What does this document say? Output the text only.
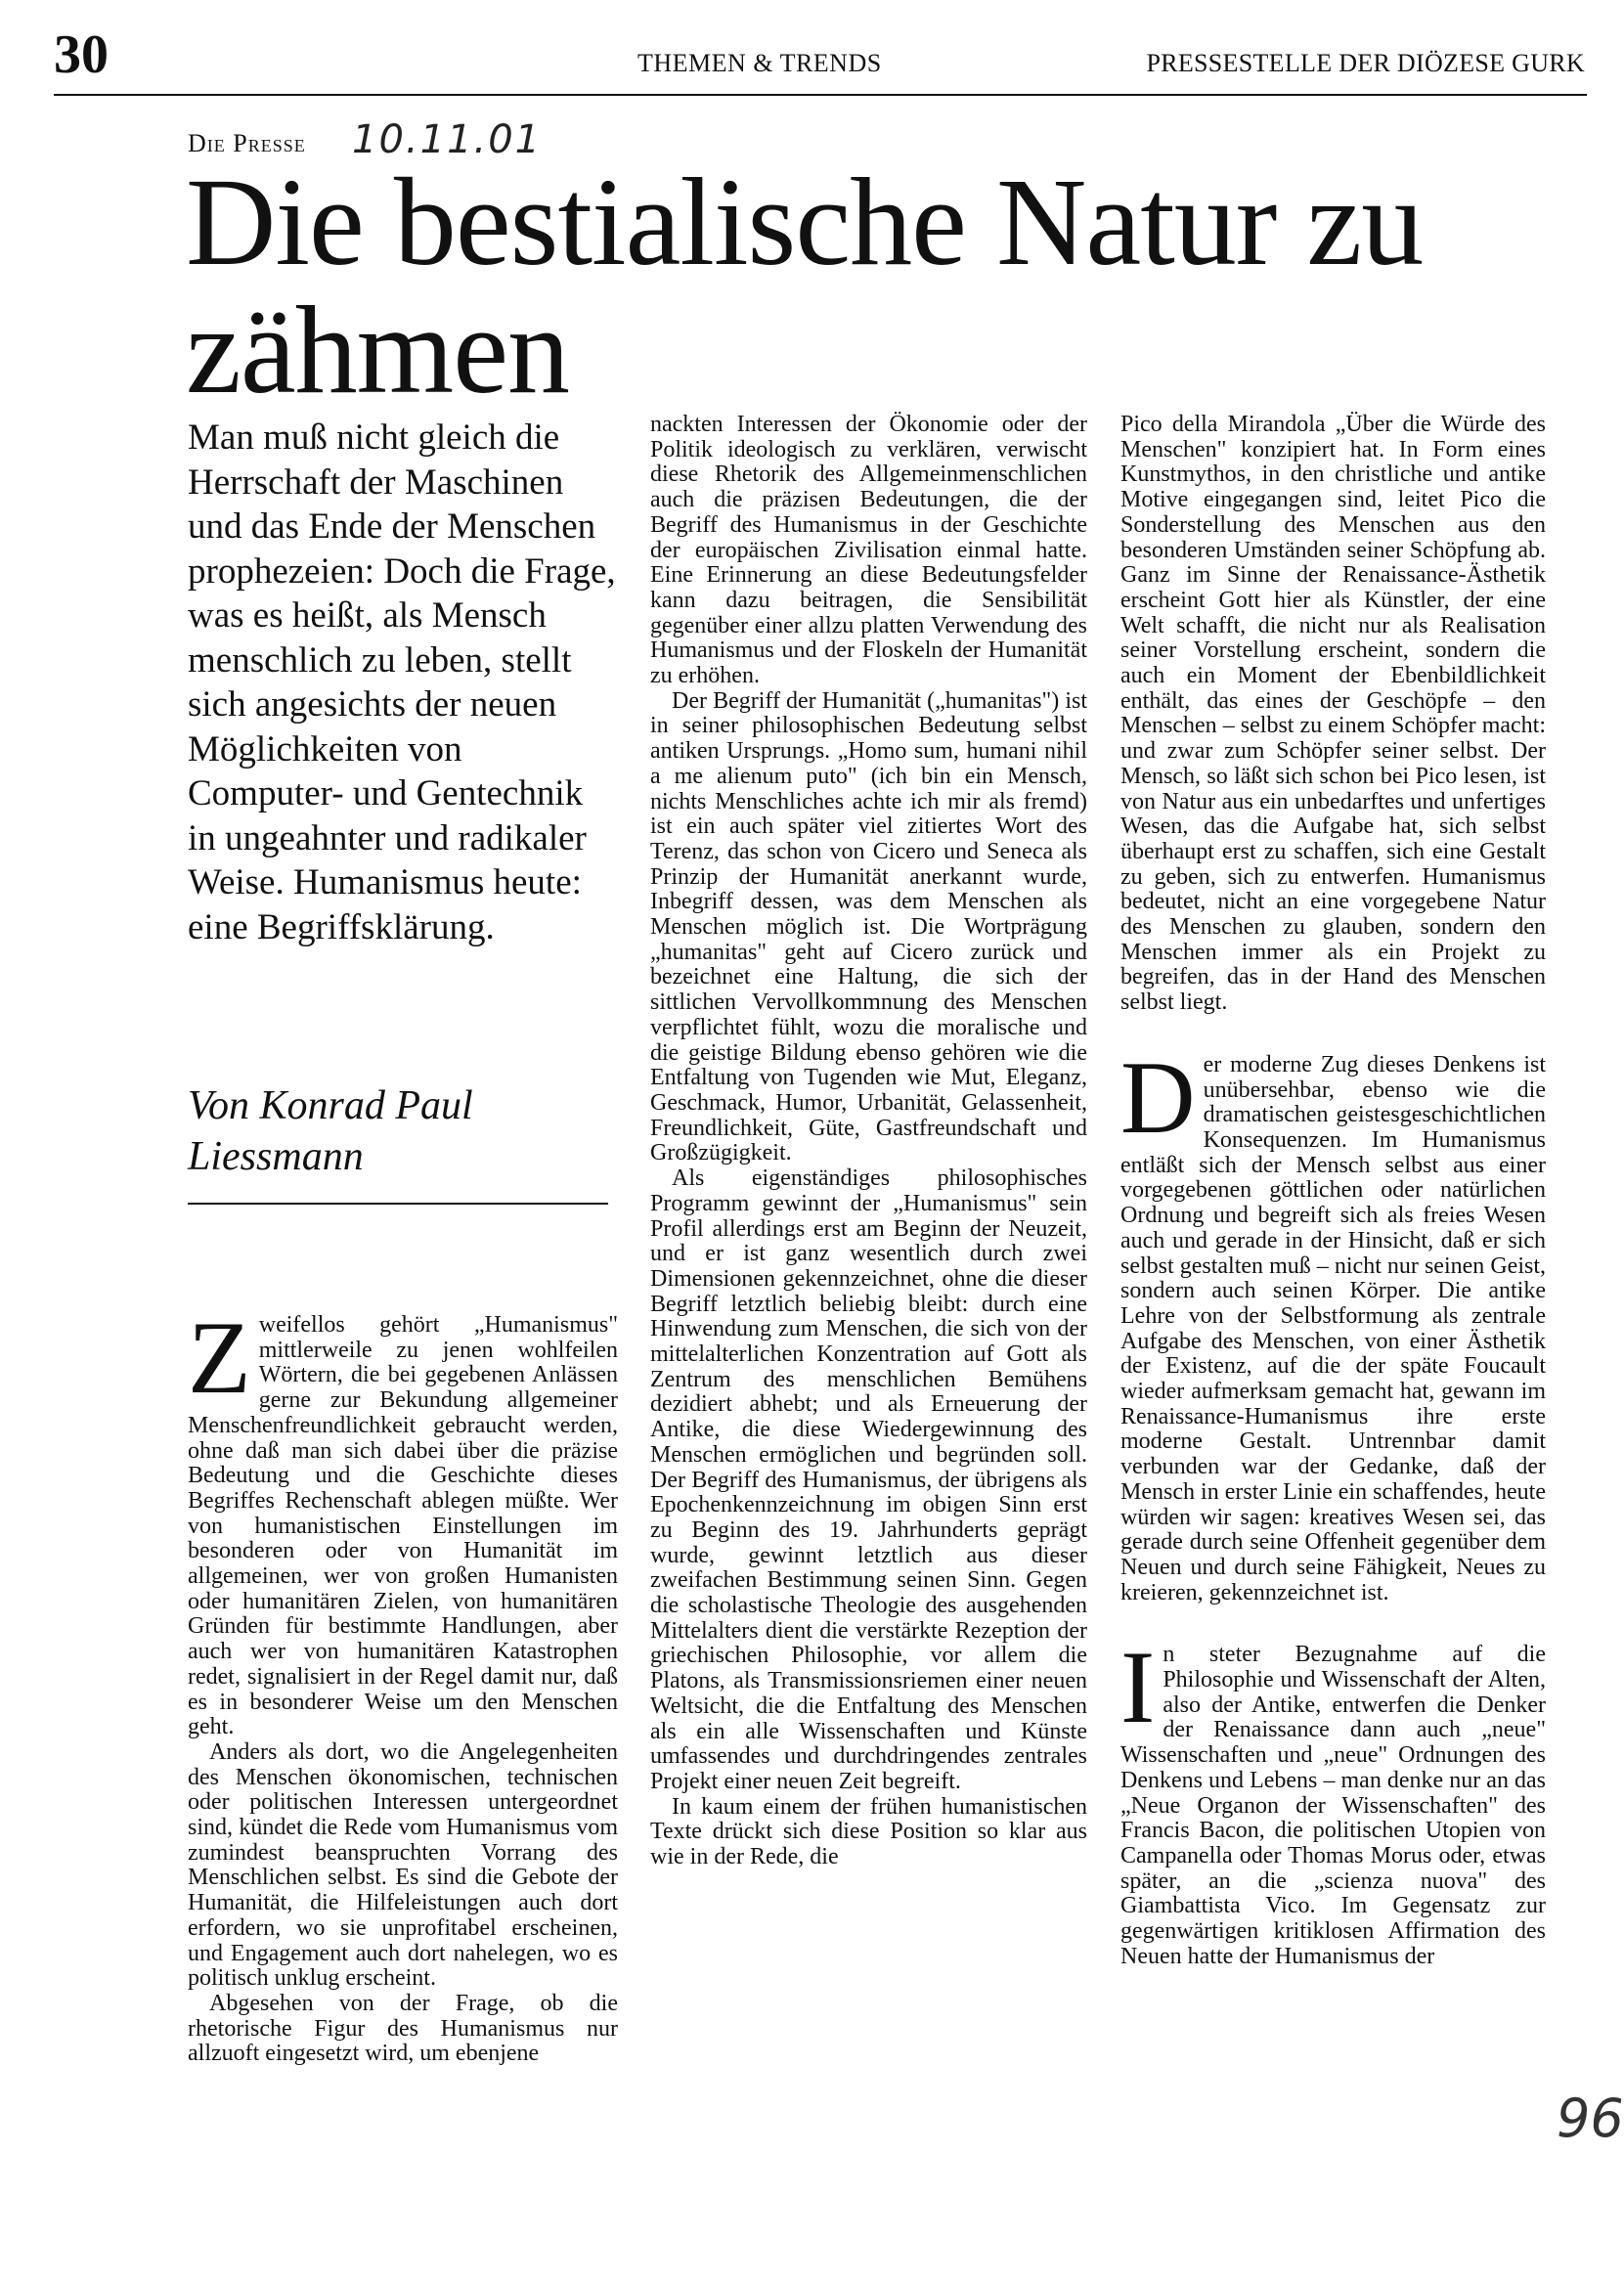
30	THEMEN & TRENDS	PRESSESTELLE DER DIÖZESE GURK
Die Presse 10.11.01
Die bestialische Natur zu zähmen
Man muß nicht gleich die Herrschaft der Maschinen und das Ende der Menschen prophezeien: Doch die Frage, was es heißt, als Mensch menschlich zu leben, stellt sich angesichts der neuen Möglichkeiten von Computer- und Gentechnik in ungeahnter und radikaler Weise. Humanismus heute: eine Begriffsklärung.
Von Konrad Paul Liessmann

Zweifellos gehört „Humanismus" mittlerweile zu jenen wohlfeilen Wörtern, die bei gegebenen Anlässen gerne zur Bekundung allgemeiner Menschenfreundlichkeit gebraucht werden, ohne daß man sich dabei über die präzise Bedeutung und die Geschichte dieses Begriffes Rechenschaft ablegen müßte. Wer von humanistischen Einstellungen im besonderen oder von Humanität im allgemeinen, wer von großen Humanisten oder humanitären Zielen, von humanitären Gründen für bestimmte Handlungen, aber auch wer von humanitären Katastrophen redet, signalisiert in der Regel damit nur, daß es in besonderer Weise um den Menschen geht.

Anders als dort, wo die Angelegenheiten des Menschen ökonomischen, technischen oder politischen Interessen untergeordnet sind, kündet die Rede vom Humanismus vom zumindest beanspruchten Vorrang des Menschlichen selbst. Es sind die Gebote der Humanität, die Hilfeleistungen auch dort erfordern, wo sie unprofitabel erscheinen, und Engagement auch dort nahelegen, wo es politisch unklug erscheint.

Abgesehen von der Frage, ob die rhetorische Figur des Humanismus nur allzuoft eingesetzt wird, um ebenjene

nackten Interessen der Ökonomie oder der Politik ideologisch zu verklären, verwischt diese Rhetorik des Allgemeinmenschlichen auch die präzisen Bedeutungen, die der Begriff des Humanismus in der Geschichte der europäischen Zivilisation einmal hatte. Eine Erinnerung an diese Bedeutungsfelder kann dazu beitragen, die Sensibilität gegenüber einer allzu platten Verwendung des Humanismus und der Floskeln der Humanität zu erhöhen.

Der Begriff der Humanität („humanitas") ist in seiner philosophischen Bedeutung selbst antiken Ursprungs. „Homo sum, humani nihil a me alienum puto" (ich bin ein Mensch, nichts Menschliches achte ich mir als fremd) ist ein auch später viel zitiertes Wort des Terenz, das schon von Cicero und Seneca als Prinzip der Humanität anerkannt wurde, Inbegriff dessen, was dem Menschen als Menschen möglich ist. Die Wortprägung „humanitas" geht auf Cicero zurück und bezeichnet eine Haltung, die sich der sittlichen Vervollkommnung des Menschen verpflichtet fühlt, wozu die moralische und die geistige Bildung ebenso gehören wie die Entfaltung von Tugenden wie Mut, Eleganz, Geschmack, Humor, Urbanität, Gelassenheit, Freundlichkeit, Güte, Gastfreundschaft und Großzügigkeit.

Als eigenständiges philosophisches Programm gewinnt der „Humanismus" sein Profil allerdings erst am Beginn der Neuzeit, und er ist ganz wesentlich durch zwei Dimensionen gekennzeichnet, ohne die dieser Begriff letztlich beliebig bleibt: durch eine Hinwendung zum Menschen, die sich von der mittelalterlichen Konzentration auf Gott als Zentrum des menschlichen Bemühens dezidiert abhebt; und als Erneuerung der Antike, die diese Wiedergewinnung des Menschen ermöglichen und begründen soll. Der Begriff des Humanismus, der übrigens als Epochenkennzeichnung im obigen Sinn erst zu Beginn des 19. Jahrhunderts geprägt wurde, gewinnt letztlich aus dieser zweifachen Bestimmung seinen Sinn. Gegen die scholastische Theologie des ausgehenden Mittelalters dient die verstärkte Rezeption der griechischen Philosophie, vor allem die Platons, als Transmissionsriemen einer neuen Weltsicht, die die Entfaltung des Menschen als ein alle Wissenschaften und Künste umfassendes und durchdringendes zentrales Projekt einer neuen Zeit begreift.

In kaum einem der frühen humanistischen Texte drückt sich diese Position so klar aus wie in der Rede, die

Pico della Mirandola „Über die Würde des Menschen" konzipiert hat. In Form eines Kunstmythos, in den christliche und antike Motive eingegangen sind, leitet Pico die Sonderstellung des Menschen aus den besonderen Umständen seiner Schöpfung ab. Ganz im Sinne der Renaissance-Ästhetik erscheint Gott hier als Künstler, der eine Welt schafft, die nicht nur als Realisation seiner Vorstellung erscheint, sondern die auch ein Moment der Ebenbildlichkeit enthält, das eines der Geschöpfe – den Menschen – selbst zu einem Schöpfer macht: und zwar zum Schöpfer seiner selbst. Der Mensch, so läßt sich schon bei Pico lesen, ist von Natur aus ein unbedarftes und unfertiges Wesen, das die Aufgabe hat, sich selbst überhaupt erst zu schaffen, sich eine Gestalt zu geben, sich zu entwerfen. Humanismus bedeutet, nicht an eine vorgegebene Natur des Menschen zu glauben, sondern den Menschen immer als ein Projekt zu begreifen, das in der Hand des Menschen selbst liegt.

Der moderne Zug dieses Denkens ist unübersehbar, ebenso wie die dramatischen geistesgeschichtlichen Konsequenzen. Im Humanismus entläßt sich der Mensch selbst aus einer vorgegebenen göttlichen oder natürlichen Ordnung und begreift sich als freies Wesen auch und gerade in der Hinsicht, daß er sich selbst gestalten muß – nicht nur seinen Geist, sondern auch seinen Körper. Die antike Lehre von der Selbstformung als zentrale Aufgabe des Menschen, von einer Ästhetik der Existenz, auf die der späte Foucault wieder aufmerksam gemacht hat, gewann im Renaissance-Humanismus ihre erste moderne Gestalt. Untrennbar damit verbunden war der Gedanke, daß der Mensch in erster Linie ein schaffendes, heute würden wir sagen: kreatives Wesen sei, das gerade durch seine Offenheit gegenüber dem Neuen und durch seine Fähigkeit, Neues zu kreieren, gekennzeichnet ist.

In steter Bezugnahme auf die Philosophie und Wissenschaft der Alten, also der Antike, entwerfen die Denker der Renaissance dann auch „neue" Wissenschaften und „neue" Ordnungen des Denkens und Lebens – man denke nur an das „Neue Organon der Wissenschaften" des Francis Bacon, die politischen Utopien von Campanella oder Thomas Morus oder, etwas später, an die „scienza nuova" des Giambattista Vico. Im Gegensatz zur gegenwärtigen kritiklosen Affirmation des Neuen hatte der Humanismus der

96
